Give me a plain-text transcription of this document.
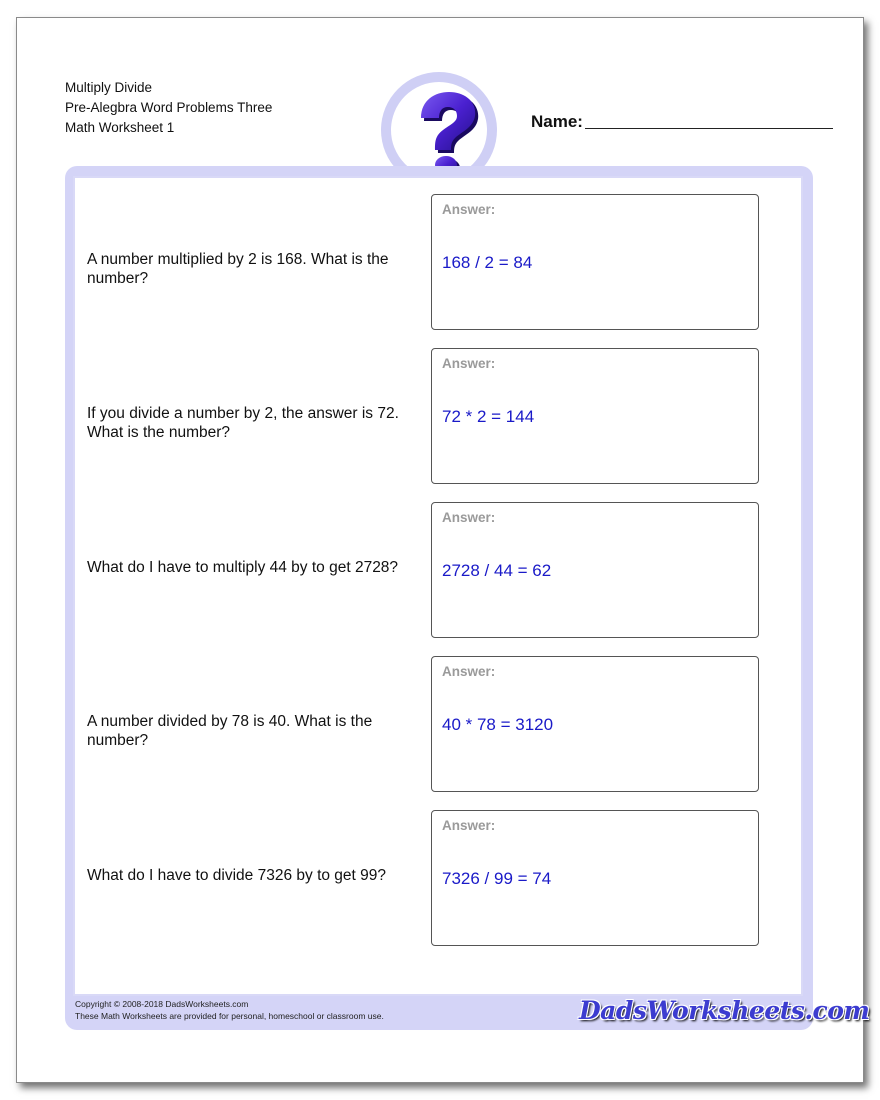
Multiply Divide
Pre-Alegbra Word Problems Three
Math Worksheet 1	Name:
A number multiplied by 2 is 168. What is the number?
Answer:
168 / 2 = 84
If you divide a number by 2, the answer is 72. What is the number?
Answer:
72 * 2 = 144
What do I have to multiply 44 by to get 2728?
Answer:
2728 / 44 = 62
A number divided by 78 is 40. What is the number?
Answer:
40 * 78 = 3120
What do I have to divide 7326 by to get 99?
Answer:
7326 / 99 = 74
Copyright © 2008-2018 DadsWorksheets.com
These Math Worksheets are provided for personal, homeschool or classroom use.	DadsWorksheets.com
